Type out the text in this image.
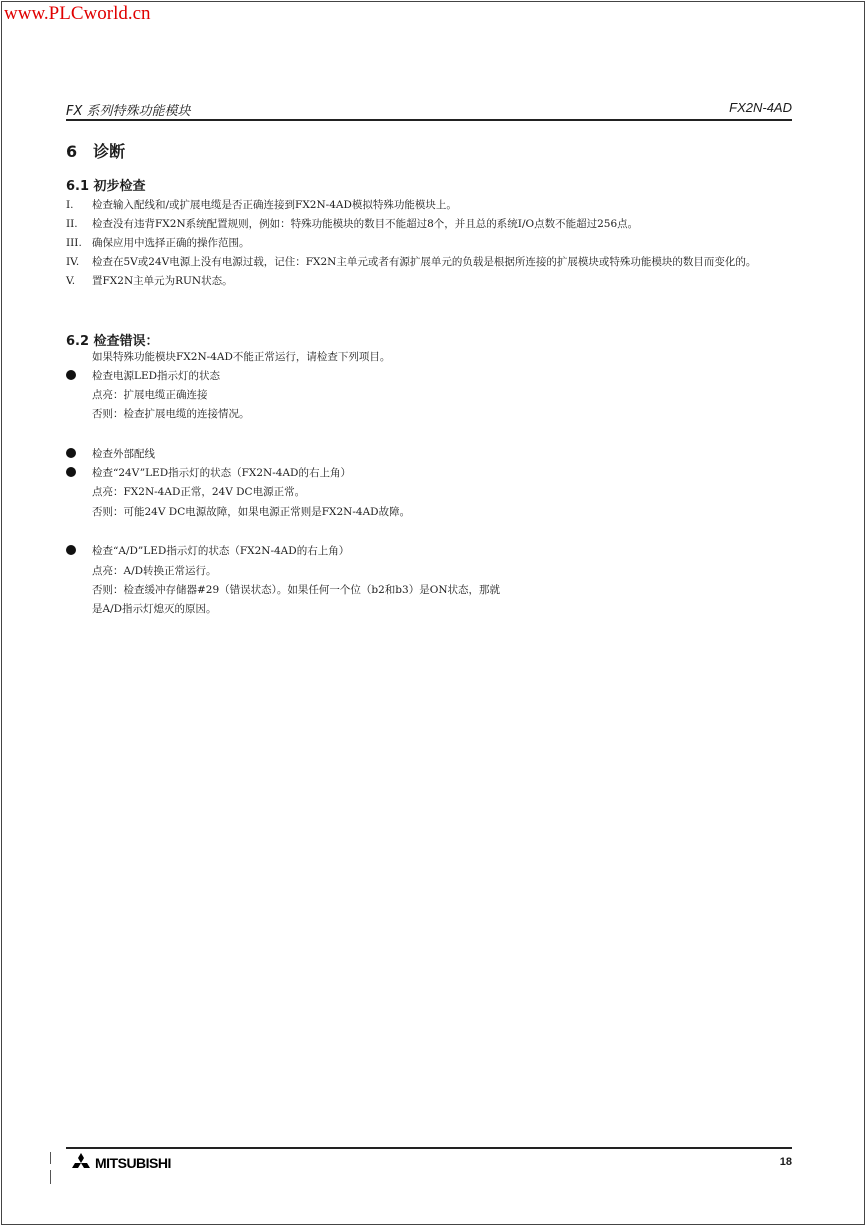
www.PLCworld.cn
FX 系列特殊功能模块	FX2N-4AD
6 诊断
6.1 初步检查
I. 检查输入配线和/或扩展电缆是否正确连接到FX2N-4AD模拟特殊功能模块上。
II. 检查没有违背FX2N系统配置规则，例如：特殊功能模块的数目不能超过8个，并且总的系统I/O点数不能超过256点。
III. 确保应用中选择正确的操作范围。
IV. 检查在5V或24V电源上没有电源过载，记住：FX2N主单元或者有源扩展单元的负载是根据所连接的扩展模块或特殊功能模块的数目而变化的。
V. 置FX2N主单元为RUN状态。
6.2 检查错误：
如果特殊功能模块FX2N-4AD不能正常运行，请检查下列项目。
检查电源LED指示灯的状态
点亮：扩展电缆正确连接
否则：检查扩展电缆的连接情况。
检查外部配线
检查“24V”LED指示灯的状态（FX2N-4AD的右上角）
点亮：FX2N-4AD正常，24V DC电源正常。
否则：可能24V DC电源故障，如果电源正常则是FX2N-4AD故障。
检查“A/D”LED指示灯的状态（FX2N-4AD的右上角）
点亮：A/D转换正常运行。
否则：检查缓冲存储器#29（错误状态）。如果任何一个位（b2和b3）是ON状态，那就
是A/D指示灯熄灭的原因。
MITSUBISHI	18
